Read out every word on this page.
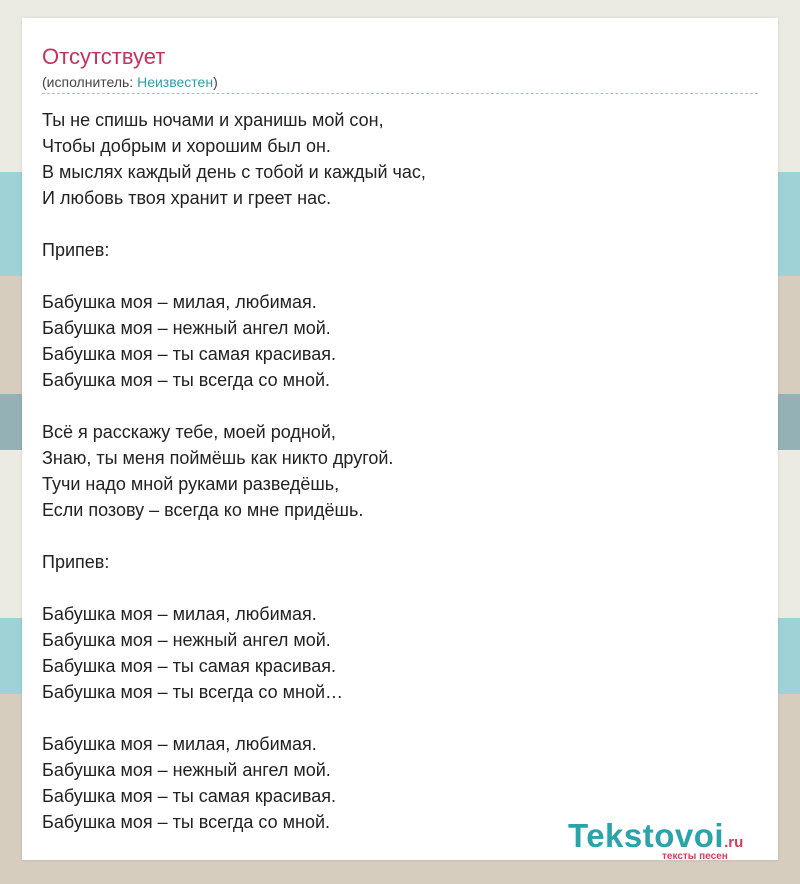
Отсутствует
(исполнитель: Неизвестен)
Ты не спишь ночами и хранишь мой сон,
Чтобы добрым и хорошим был он.
В мыслях каждый день с тобой и каждый час,
И любовь твоя хранит и греет нас.
Припев:
Бабушка моя – милая, любимая.
Бабушка моя – нежный ангел мой.
Бабушка моя – ты самая красивая.
Бабушка моя – ты всегда со мной.
Всё я расскажу тебе, моей родной,
Знаю, ты меня поймёшь как никто другой.
Тучи надо мной руками разведёшь,
Если позову – всегда ко мне придёшь.
Припев:
Бабушка моя – милая, любимая.
Бабушка моя – нежный ангел мой.
Бабушка моя – ты самая красивая.
Бабушка моя – ты всегда со мной…
Бабушка моя – милая, любимая.
Бабушка моя – нежный ангел мой.
Бабушка моя – ты самая красивая.
Бабушка моя – ты всегда со мной.	Tekstovoi.ru
тексты песен
